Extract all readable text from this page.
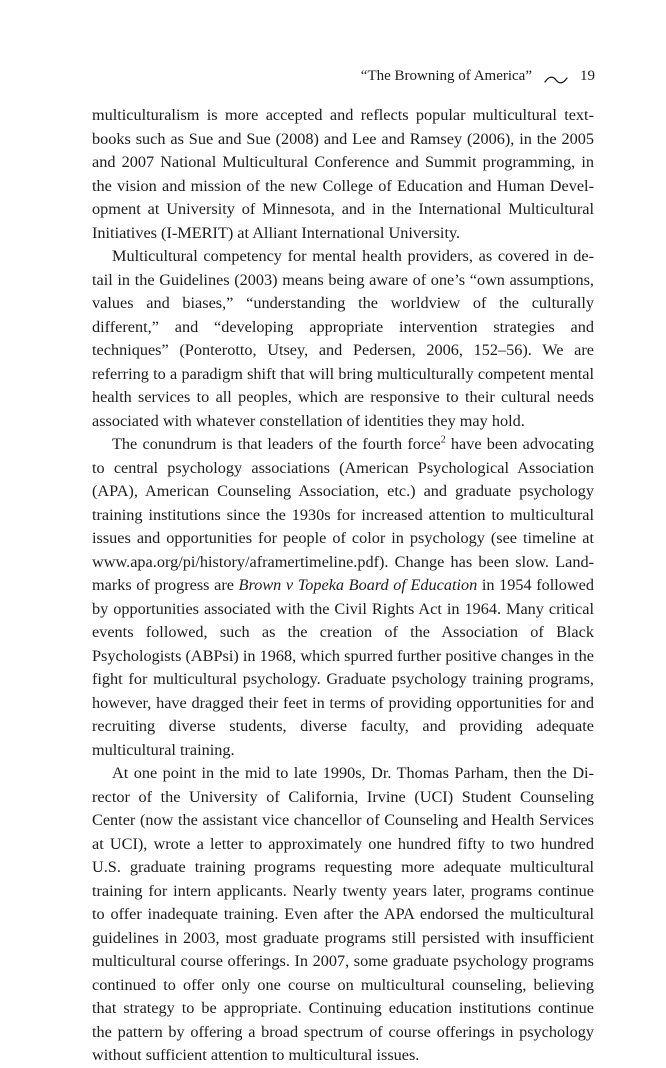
“The Browning of America”	19

multiculturalism is more accepted and reflects popular multicultural textbooks such as Sue and Sue (2008) and Lee and Ramsey (2006), in the 2005 and 2007 National Multicultural Conference and Summit programming, in the vision and mission of the new College of Education and Human Development at University of Minnesota, and in the International Multicultural Initiatives (I-MERIT) at Alliant International University.

Multicultural competency for mental health providers, as covered in detail in the Guidelines (2003) means being aware of one’s “own assumptions, values and biases,” “understanding the worldview of the culturally different,” and “developing appropriate intervention strategies and techniques” (Ponterotto, Utsey, and Pedersen, 2006, 152–56). We are referring to a paradigm shift that will bring multiculturally competent mental health services to all peoples, which are responsive to their cultural needs associated with whatever constellation of identities they may hold.

The conundrum is that leaders of the fourth force$^2$ have been advocating to central psychology associations (American Psychological Association (APA), American Counseling Association, etc.) and graduate psychology training institutions since the 1930s for increased attention to multicultural issues and opportunities for people of color in psychology (see timeline at www.apa.org/pi/history/aframertimeline.pdf). Change has been slow. Landmarks of progress are Brown v Topeka Board of Education in 1954 followed by opportunities associated with the Civil Rights Act in 1964. Many critical events followed, such as the creation of the Association of Black Psychologists (ABPsi) in 1968, which spurred further positive changes in the fight for multicultural psychology. Graduate psychology training programs, however, have dragged their feet in terms of providing opportunities for and recruiting diverse students, diverse faculty, and providing adequate multicultural training.

At one point in the mid to late 1990s, Dr. Thomas Parham, then the Director of the University of California, Irvine (UCI) Student Counseling Center (now the assistant vice chancellor of Counseling and Health Services at UCI), wrote a letter to approximately one hundred fifty to two hundred U.S. graduate training programs requesting more adequate multicultural training for intern applicants. Nearly twenty years later, programs continue to offer inadequate training. Even after the APA endorsed the multicultural guidelines in 2003, most graduate programs still persisted with insufficient multicultural course offerings. In 2007, some graduate psychology programs continued to offer only one course on multicultural counseling, believing that strategy to be appropriate. Continuing education institutions continue the pattern by offering a broad spectrum of course offerings in psychology without sufficient attention to multicultural issues.
